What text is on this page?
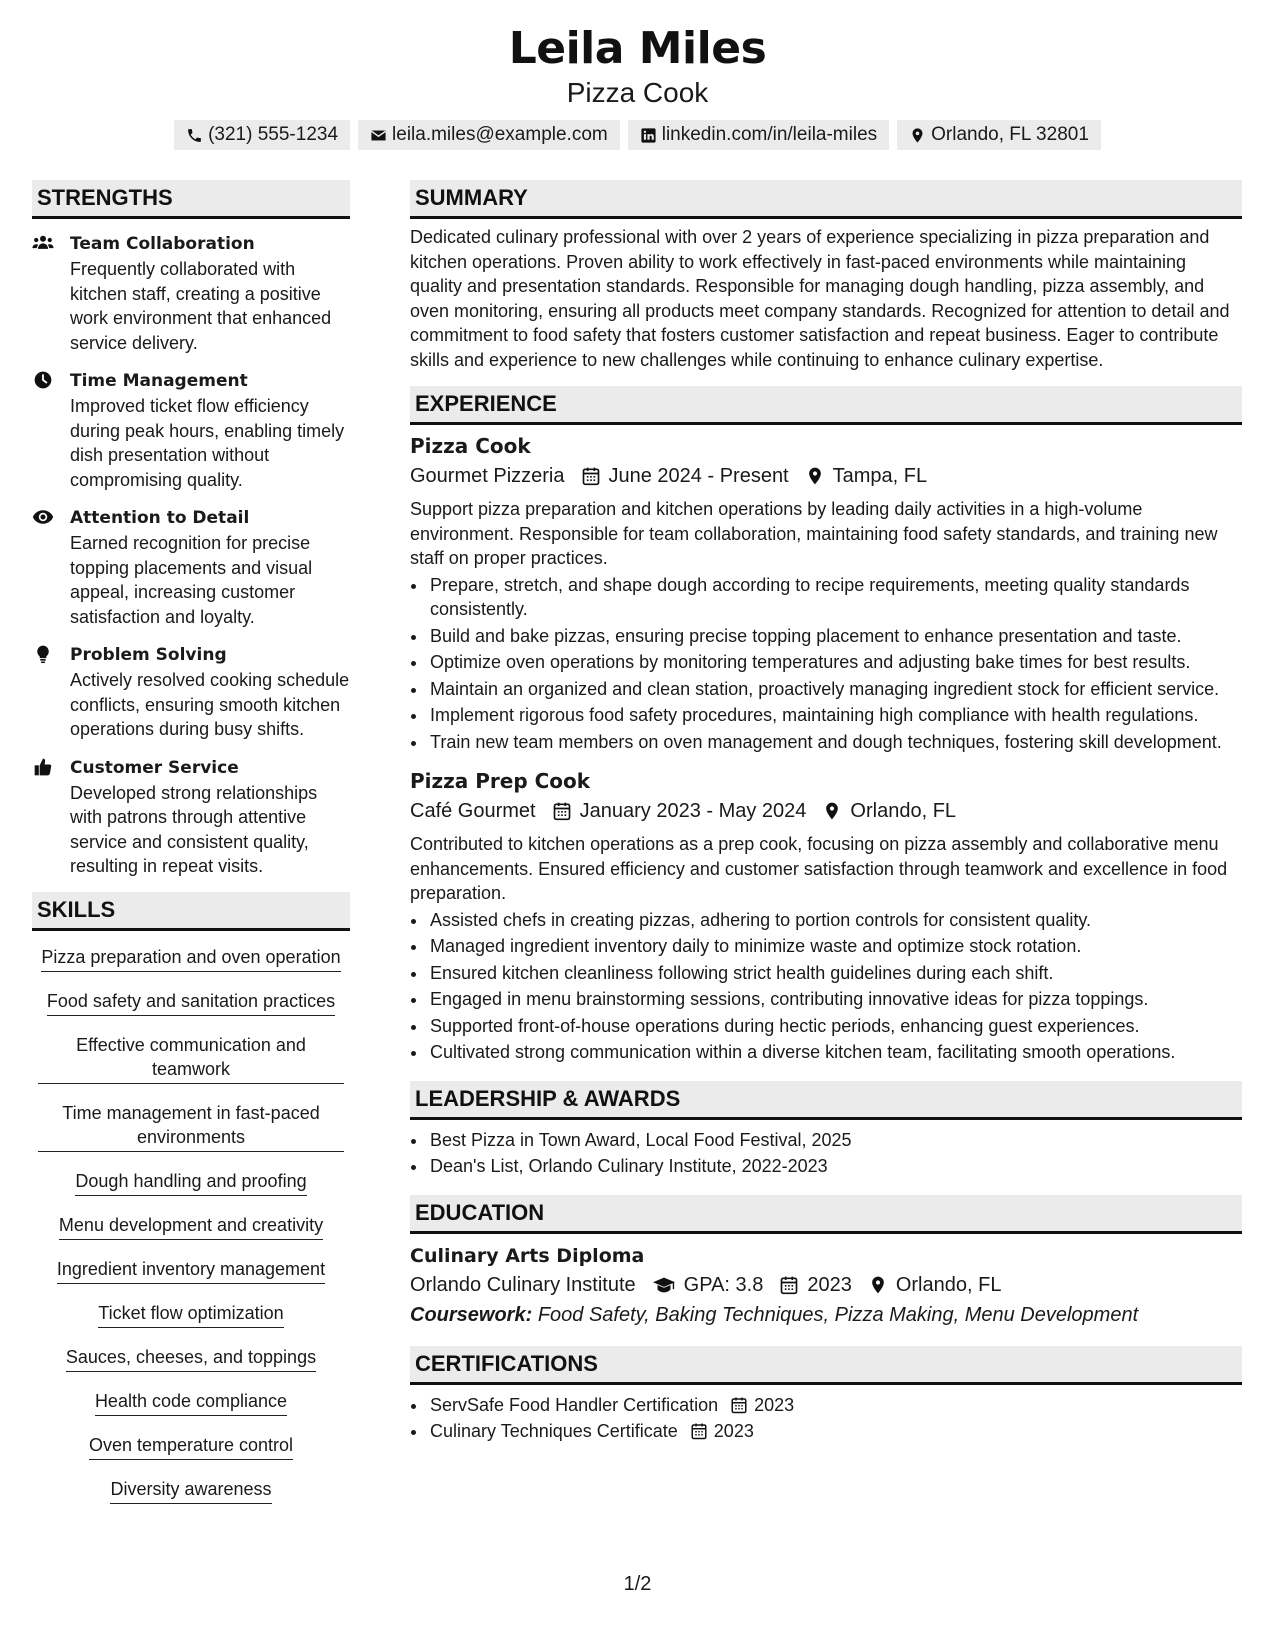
Leila Miles
Pizza Cook
(321) 555-1234	leila.miles@example.com	linkedin.com/in/leila-miles	Orlando, FL 32801
STRENGTHS
Team Collaboration
Frequently collaborated with kitchen staff, creating a positive work environment that enhanced service delivery.
Time Management
Improved ticket flow efficiency during peak hours, enabling timely dish presentation without compromising quality.
Attention to Detail
Earned recognition for precise topping placements and visual appeal, increasing customer satisfaction and loyalty.
Problem Solving
Actively resolved cooking schedule conflicts, ensuring smooth kitchen operations during busy shifts.
Customer Service
Developed strong relationships with patrons through attentive service and consistent quality, resulting in repeat visits.
SKILLS
Pizza preparation and oven operation
Food safety and sanitation practices
Effective communication and teamwork
Time management in fast-paced environments
Dough handling and proofing
Menu development and creativity
Ingredient inventory management
Ticket flow optimization
Sauces, cheeses, and toppings
Health code compliance
Oven temperature control
Diversity awareness
SUMMARY
Dedicated culinary professional with over 2 years of experience specializing in pizza preparation and kitchen operations. Proven ability to work effectively in fast-paced environments while maintaining quality and presentation standards. Responsible for managing dough handling, pizza assembly, and oven monitoring, ensuring all products meet company standards. Recognized for attention to detail and commitment to food safety that fosters customer satisfaction and repeat business. Eager to contribute skills and experience to new challenges while continuing to enhance culinary expertise.
EXPERIENCE
Pizza Cook
Gourmet Pizzeria June 2024 - Present Tampa, FL
Support pizza preparation and kitchen operations by leading daily activities in a high-volume environment. Responsible for team collaboration, maintaining food safety standards, and training new staff on proper practices.
• Prepare, stretch, and shape dough according to recipe requirements, meeting quality standards consistently.
• Build and bake pizzas, ensuring precise topping placement to enhance presentation and taste.
• Optimize oven operations by monitoring temperatures and adjusting bake times for best results.
• Maintain an organized and clean station, proactively managing ingredient stock for efficient service.
• Implement rigorous food safety procedures, maintaining high compliance with health regulations.
• Train new team members on oven management and dough techniques, fostering skill development.
Pizza Prep Cook
Café Gourmet January 2023 - May 2024 Orlando, FL
Contributed to kitchen operations as a prep cook, focusing on pizza assembly and collaborative menu enhancements. Ensured efficiency and customer satisfaction through teamwork and excellence in food preparation.
• Assisted chefs in creating pizzas, adhering to portion controls for consistent quality.
• Managed ingredient inventory daily to minimize waste and optimize stock rotation.
• Ensured kitchen cleanliness following strict health guidelines during each shift.
• Engaged in menu brainstorming sessions, contributing innovative ideas for pizza toppings.
• Supported front-of-house operations during hectic periods, enhancing guest experiences.
• Cultivated strong communication within a diverse kitchen team, facilitating smooth operations.
LEADERSHIP & AWARDS
• Best Pizza in Town Award, Local Food Festival, 2025
• Dean's List, Orlando Culinary Institute, 2022-2023
EDUCATION
Culinary Arts Diploma
Orlando Culinary Institute GPA: 3.8 2023 Orlando, FL
Coursework: Food Safety, Baking Techniques, Pizza Making, Menu Development
CERTIFICATIONS
• ServSafe Food Handler Certification 2023
• Culinary Techniques Certificate 2023
1/2
